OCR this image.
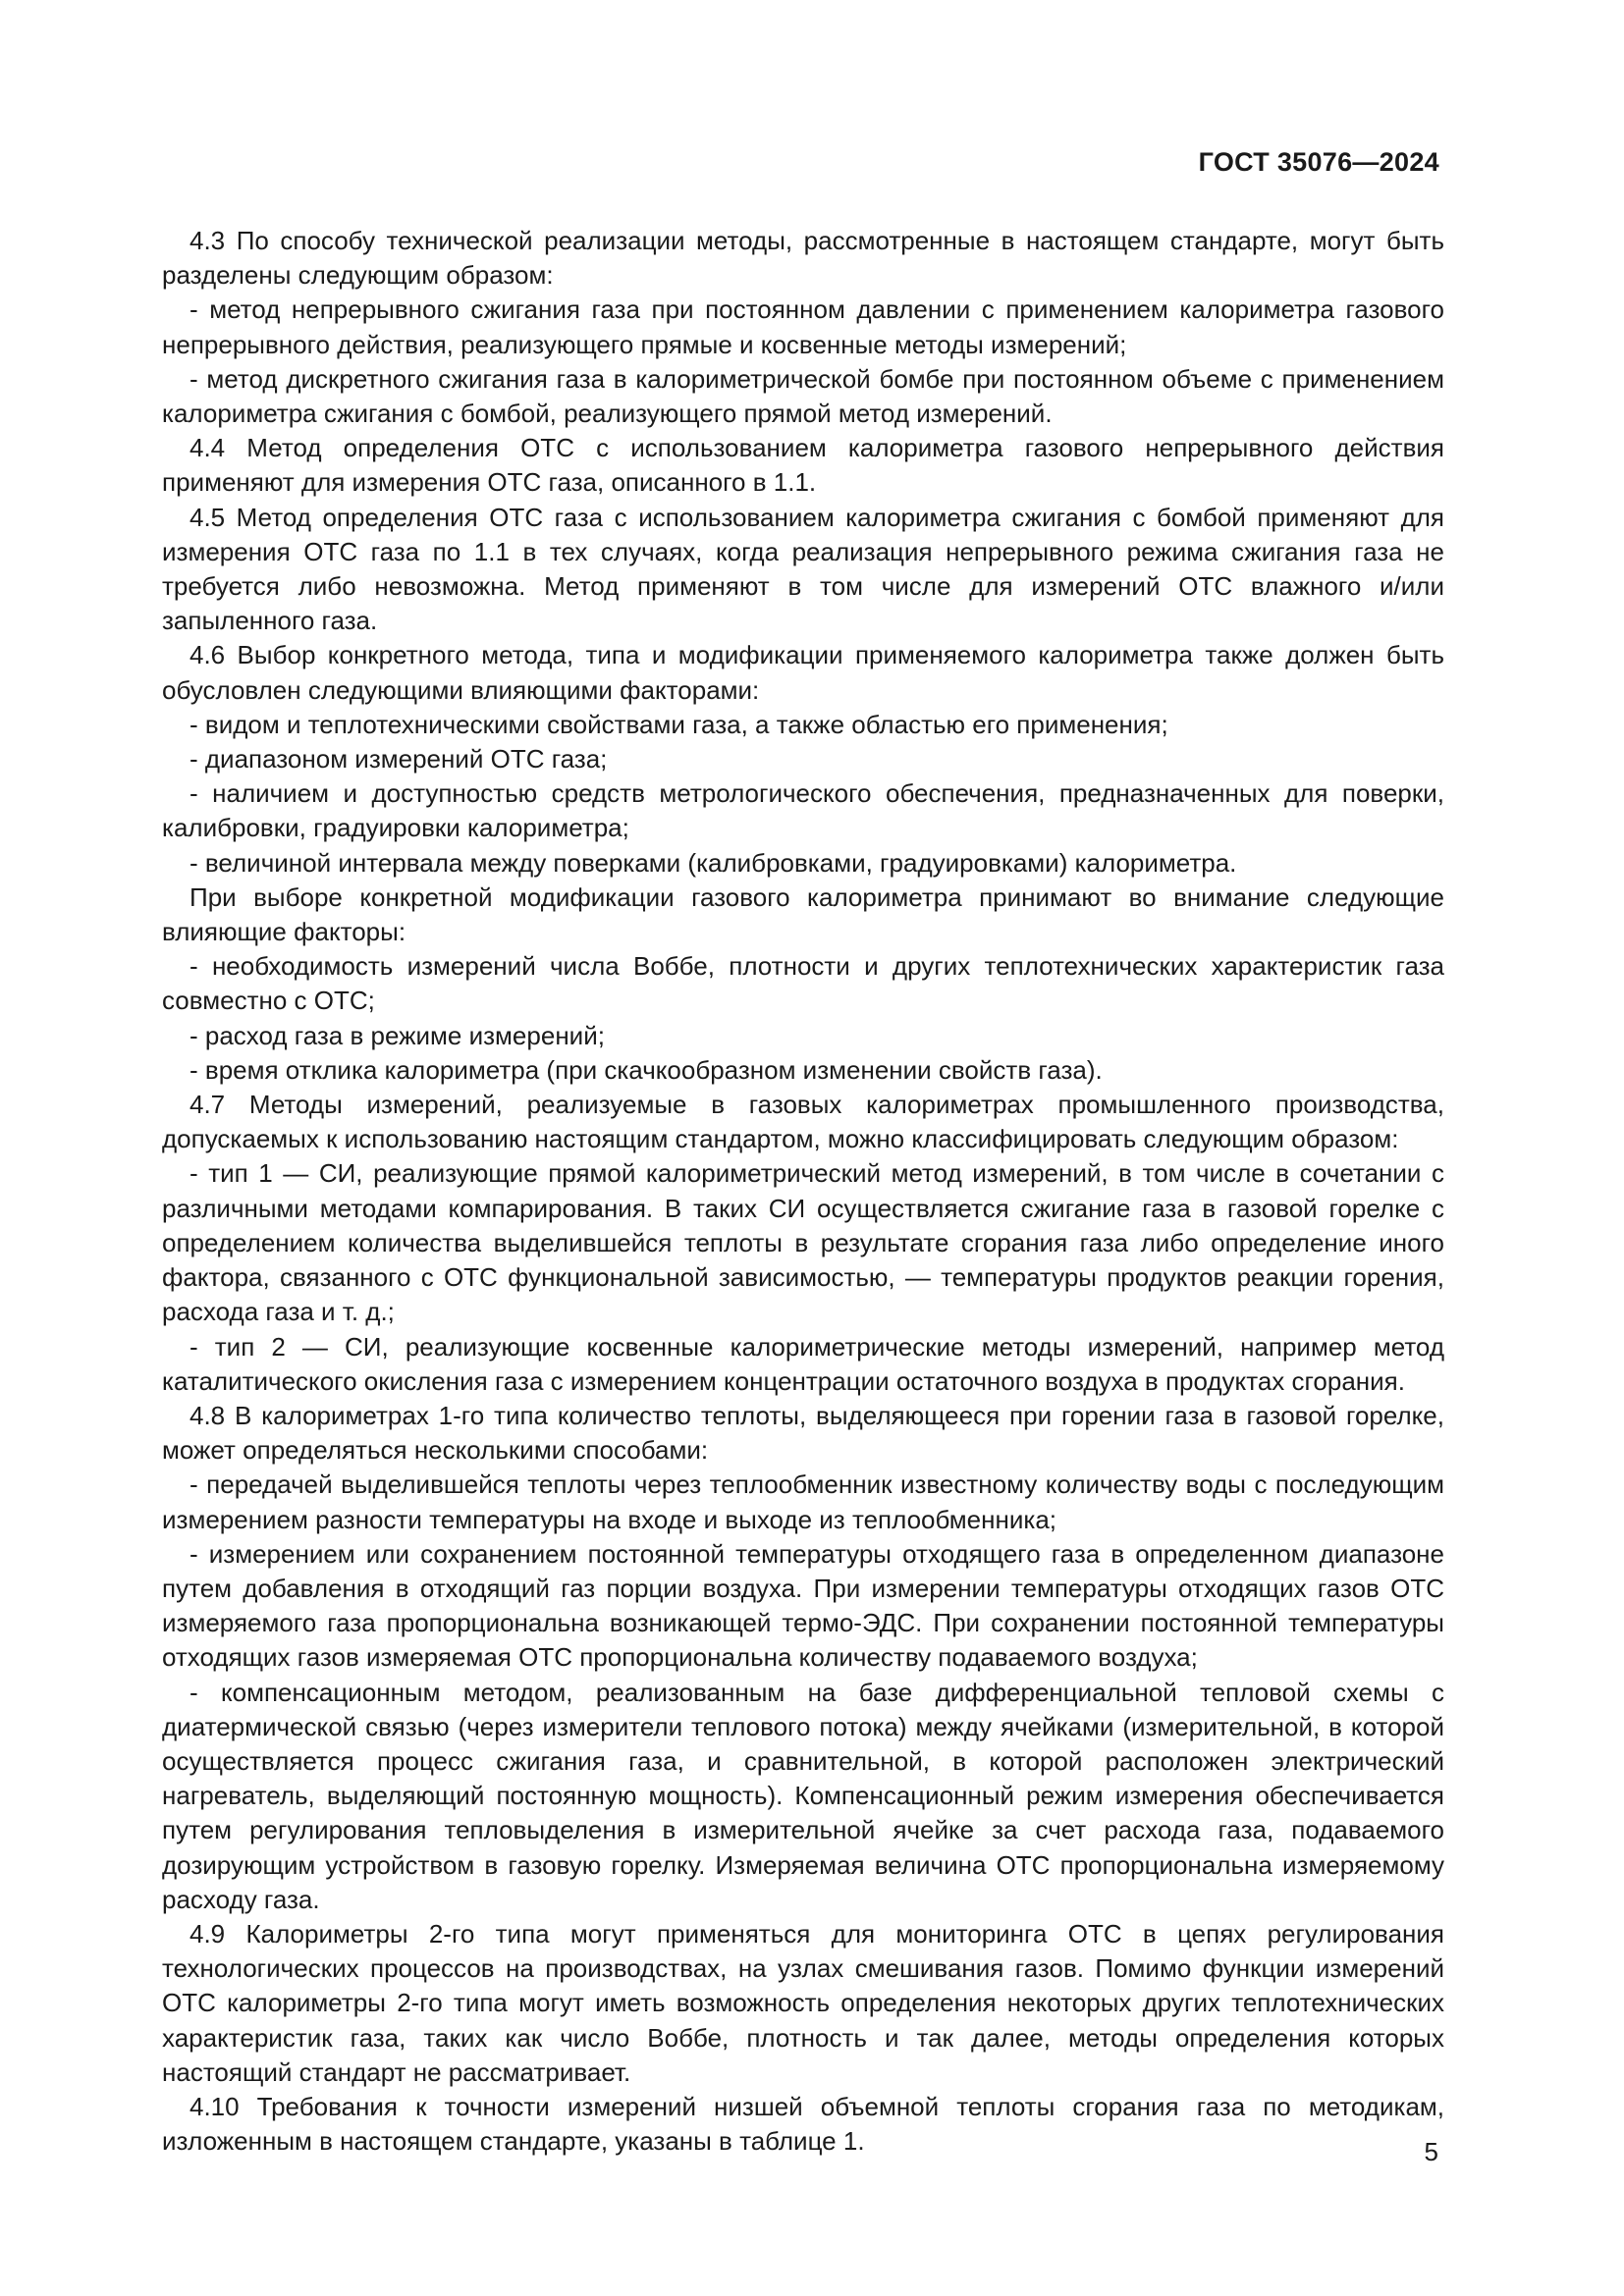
ГОСТ 35076—2024

4.3 По способу технической реализации методы, рассмотренные в настоящем стандарте, могут быть разделены следующим образом:

- метод непрерывного сжигания газа при постоянном давлении с применением калориметра газового непрерывного действия, реализующего прямые и косвенные методы измерений;

- метод дискретного сжигания газа в калориметрической бомбе при постоянном объеме с применением калориметра сжигания с бомбой, реализующего прямой метод измерений.

4.4 Метод определения ОТС с использованием калориметра газового непрерывного действия применяют для измерения ОТС газа, описанного в 1.1.

4.5 Метод определения ОТС газа с использованием калориметра сжигания с бомбой применяют для измерения ОТС газа по 1.1 в тех случаях, когда реализация непрерывного режима сжигания газа не требуется либо невозможна. Метод применяют в том числе для измерений ОТС влажного и/или запыленного газа.

4.6 Выбор конкретного метода, типа и модификации применяемого калориметра также должен быть обусловлен следующими влияющими факторами:

- видом и теплотехническими свойствами газа, а также областью его применения;

- диапазоном измерений ОТС газа;

- наличием и доступностью средств метрологического обеспечения, предназначенных для поверки, калибровки, градуировки калориметра;

- величиной интервала между поверками (калибровками, градуировками) калориметра.

При выборе конкретной модификации газового калориметра принимают во внимание следующие влияющие факторы:

- необходимость измерений числа Воббе, плотности и других теплотехнических характеристик газа совместно с ОТС;

- расход газа в режиме измерений;

- время отклика калориметра (при скачкообразном изменении свойств газа).

4.7 Методы измерений, реализуемые в газовых калориметрах промышленного производства, допускаемых к использованию настоящим стандартом, можно классифицировать следующим образом:

- тип 1 — СИ, реализующие прямой калориметрический метод измерений, в том числе в сочетании с различными методами компарирования. В таких СИ осуществляется сжигание газа в газовой горелке с определением количества выделившейся теплоты в результате сгорания газа либо определение иного фактора, связанного с ОТС функциональной зависимостью, — температуры продуктов реакции горения, расхода газа и т. д.;

- тип 2 — СИ, реализующие косвенные калориметрические методы измерений, например метод каталитического окисления газа с измерением концентрации остаточного воздуха в продуктах сгорания.

4.8 В калориметрах 1-го типа количество теплоты, выделяющееся при горении газа в газовой горелке, может определяться несколькими способами:

- передачей выделившейся теплоты через теплообменник известному количеству воды с последующим измерением разности температуры на входе и выходе из теплообменника;

- измерением или сохранением постоянной температуры отходящего газа в определенном диапазоне путем добавления в отходящий газ порции воздуха. При измерении температуры отходящих газов ОТС измеряемого газа пропорциональна возникающей термо-ЭДС. При сохранении постоянной температуры отходящих газов измеряемая ОТС пропорциональна количеству подаваемого воздуха;

- компенсационным методом, реализованным на базе дифференциальной тепловой схемы с диатермической связью (через измерители теплового потока) между ячейками (измерительной, в которой осуществляется процесс сжигания газа, и сравнительной, в которой расположен электрический нагреватель, выделяющий постоянную мощность). Компенсационный режим измерения обеспечивается путем регулирования тепловыделения в измерительной ячейке за счет расхода газа, подаваемого дозирующим устройством в газовую горелку. Измеряемая величина ОТС пропорциональна измеряемому расходу газа.

4.9 Калориметры 2-го типа могут применяться для мониторинга ОТС в цепях регулирования технологических процессов на производствах, на узлах смешивания газов. Помимо функции измерений ОТС калориметры 2-го типа могут иметь возможность определения некоторых других теплотехнических характеристик газа, таких как число Воббе, плотность и так далее, методы определения которых настоящий стандарт не рассматривает.

4.10 Требования к точности измерений низшей объемной теплоты сгорания газа по методикам, изложенным в настоящем стандарте, указаны в таблице 1.	5
